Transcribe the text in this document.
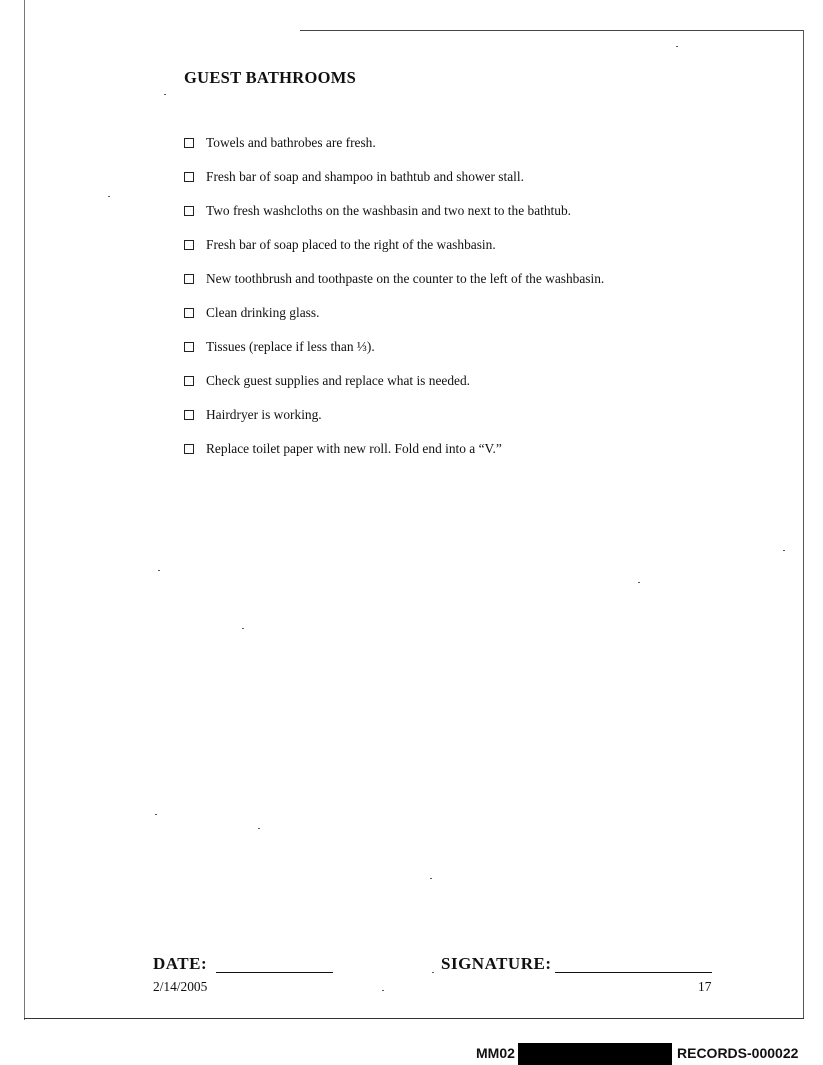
GUEST BATHROOMS
Towels and bathrobes are fresh.
Fresh bar of soap and shampoo in bathtub and shower stall.
Two fresh washcloths on the washbasin and two next to the bathtub.
Fresh bar of soap placed to the right of the washbasin.
New toothbrush and toothpaste on the counter to the left of the washbasin.
Clean drinking glass.
Tissues (replace if less than ⅓).
Check guest supplies and replace what is needed.
Hairdryer is working.
Replace toilet paper with new roll. Fold end into a “V.”
DATE:	SIGNATURE:
2/14/2005	17
MM02	RECORDS-000022
